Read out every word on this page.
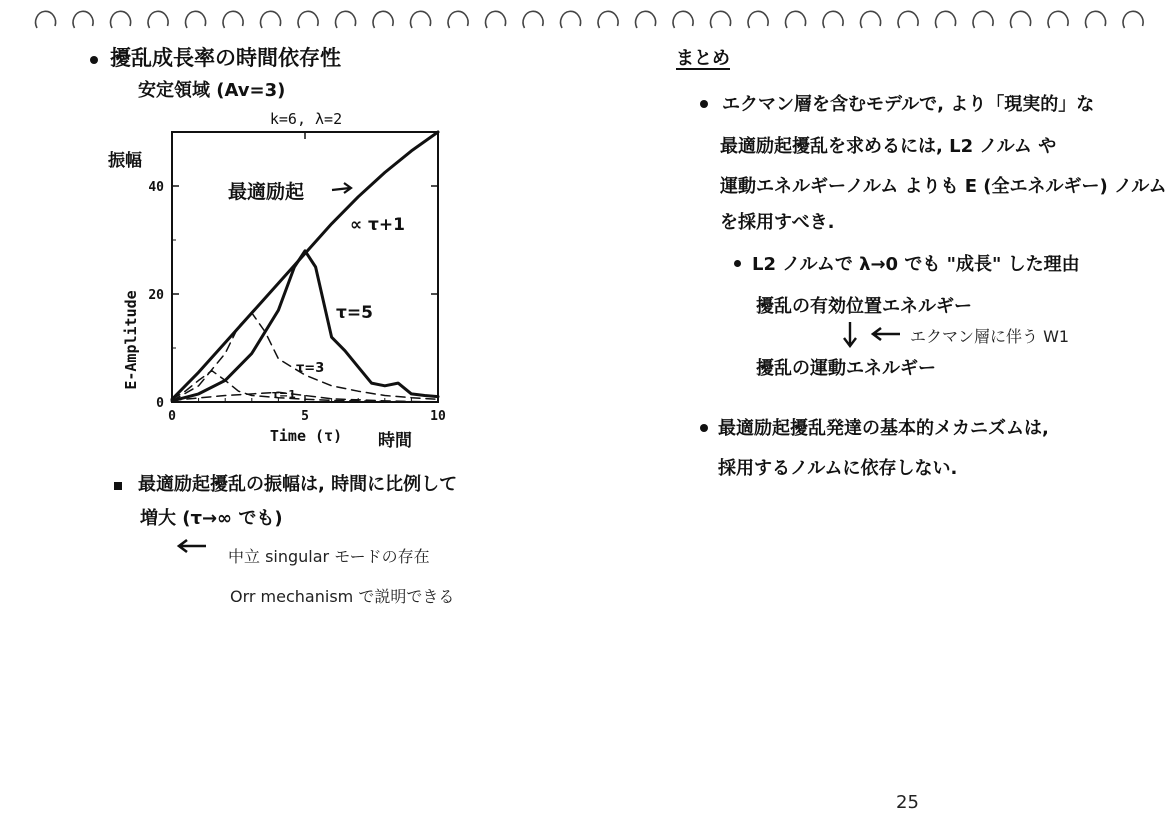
擾乱成長率の時間依存性
安定領域 (Av=3)
k=6, λ=2
振幅
E-Amplitude
Time (τ) 時間
0	5	10
0
20
40	最適励起
∝ τ+1
τ=5
τ=3
τ=1
最適励起擾乱の振幅は, 時間に比例して
増大 (τ→∞ でも)
中立 singular モードの存在
Orr mechanism で説明できる
まとめ
エクマン層を含むモデルで, より「現実的」な
最適励起擾乱を求めるには, L2 ノルム や
運動エネルギーノルム よりも E (全エネルギー) ノルム
を採用すべき.
L2 ノルムで λ→0 でも "成長" した理由
擾乱の有効位置エネルギー
エクマン層に伴う W1
擾乱の運動エネルギー
最適励起擾乱発達の基本的メカニズムは,
採用するノルムに依存しない.
25
